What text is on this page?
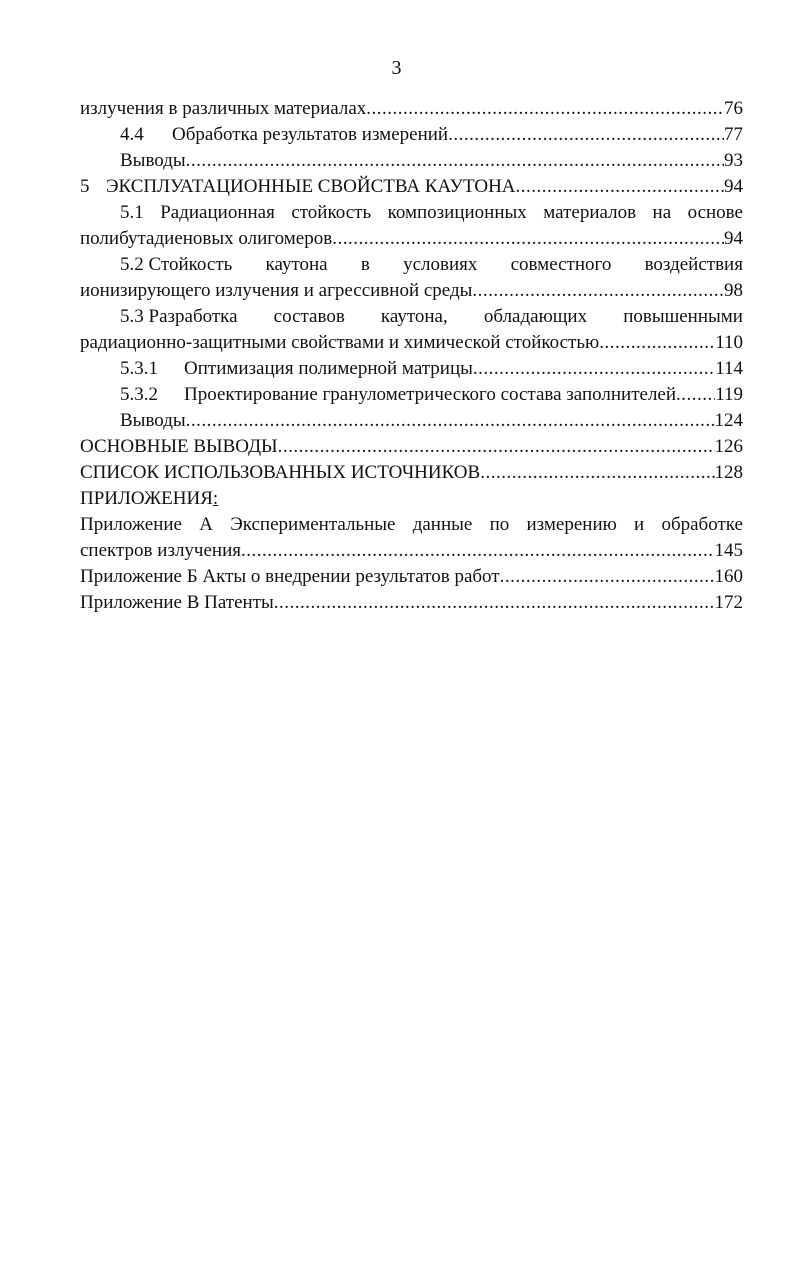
3
излучения в различных материалах .....	76
4.4	Обработка результатов измерений .....	77
Выводы .....	93
5 ЭКСПЛУАТАЦИОННЫЕ СВОЙСТВА КАУТОНА .....	94
5.1 Радиационная стойкость композиционных материалов на основе
полибутадиеновых олигомеров .....	94
5.2 Стойкость каутона в условиях совместного воздействия
ионизирующего излучения и агрессивной среды .....	98
5.3 Разработка составов каутона, обладающих повышенными
радиационно-защитными свойствами и химической стойкостью .....	110
5.3.1	Оптимизация полимерной матрицы .....	114
5.3.2	Проектирование гранулометрического состава заполнителей ..... 119
Выводы .....	124
ОСНОВНЫЕ ВЫВОДЫ .....	126
СПИСОК ИСПОЛЬЗОВАННЫХ ИСТОЧНИКОВ .....	128
ПРИЛОЖЕНИЯ :
Приложение А Экспериментальные данные по измерению и обработке
спектров излучения .....	145
Приложение Б Акты о внедрении результатов работ .....	160
Приложение В Патенты .....	172
